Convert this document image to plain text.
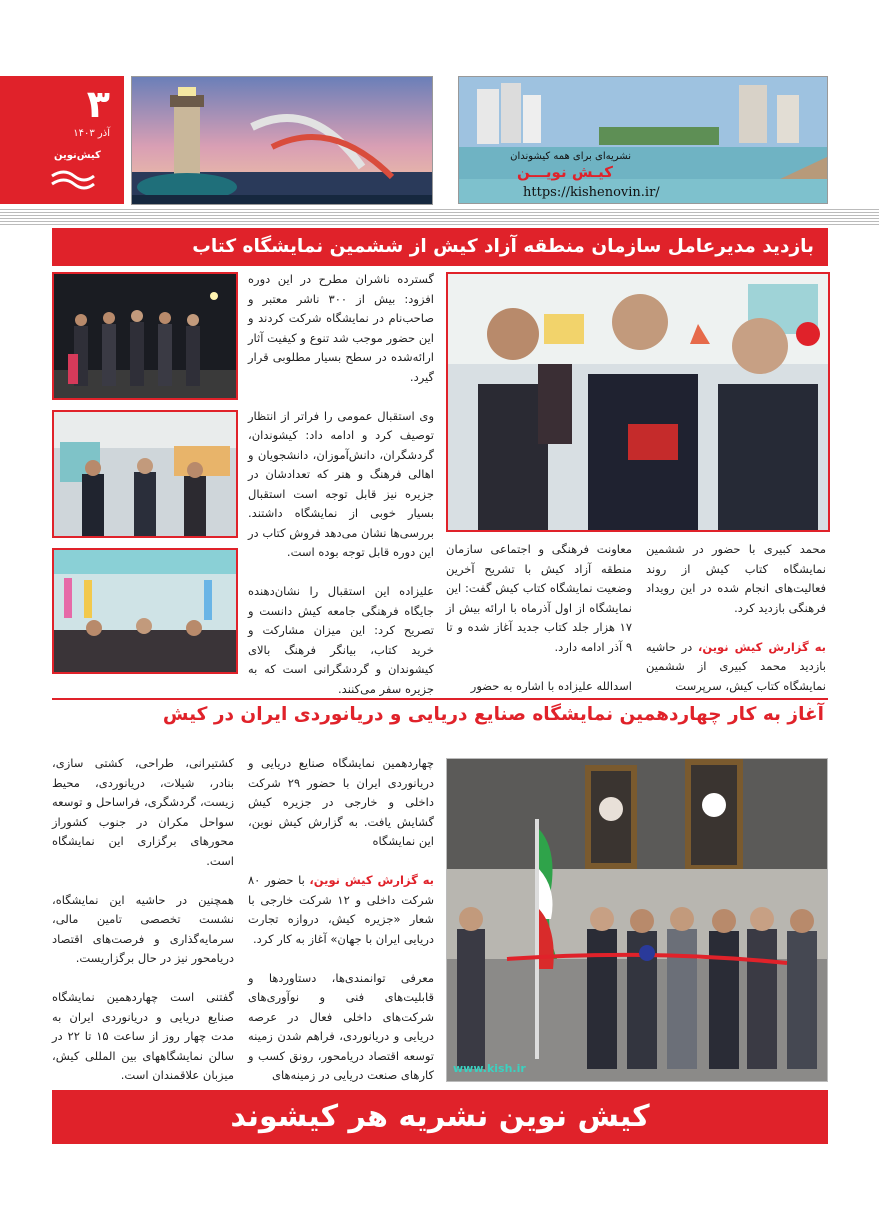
۳
آذر ۱۴۰۳
کیش‌نوین	نشریه‌ای برای همه کیشوندان
کیـش نویـــن
https://kishenovin.ir/
بازدید مدیرعامل سازمان منطقه آزاد کیش از ششمین نمایشگاه کتاب
محمد کبیری با حضور در ششمین نمایشگاه کتاب کیش از روند فعالیت‌های انجام شده در این رویداد فرهنگی بازدید کرد.

به گزارش کیش نوین، در حاشیه بازدید محمد کبیری از ششمین نمایشگاه کتاب کیش، سرپرست
معاونت فرهنگی و اجتماعی سازمان منطقه آزاد کیش با تشریح آخرین وضعیت نمایشگاه کتاب کیش گفت: این نمایشگاه از اول آذرماه با ارائه بیش از ۱۷ هزار جلد کتاب جدید آغاز شده و تا ۹ آذر ادامه دارد.

اسدالله علیزاده با اشاره به حضور
گسترده ناشران مطرح در این دوره افزود: بیش از ۳۰۰ ناشر معتبر و صاحب‌نام در نمایشگاه شرکت کردند و این حضور موجب شد تنوع و کیفیت آثار ارائه‌شده در سطح بسیار مطلوبی قرار گیرد.

وی استقبال عمومی را فراتر از انتظار توصیف کرد و ادامه داد: کیشوندان، گردشگران، دانش‌آموزان، دانشجویان و اهالی فرهنگ و هنر که تعدادشان در جزیره نیز قابل توجه است استقبال بسیار خوبی از نمایشگاه داشتند. بررسی‌ها نشان می‌دهد فروش کتاب در این دوره قابل توجه بوده است.

علیزاده این استقبال را نشان‌دهنده جایگاه فرهنگی جامعه کیش دانست و تصریح کرد: این میزان مشارکت و خرید کتاب، بیانگر فرهنگ بالای کیشوندان و گردشگرانی است که به جزیره سفر می‌کنند.
آغاز به کار چهاردهمین نمایشگاه صنایع دریایی و دریانوردی ایران در کیش
www.kish.ir
چهاردهمین نمایشگاه صنایع دریایی و دریانوردی ایران با حضور ۲۹ شرکت داخلی و خارجی در جزیره کیش گشایش یافت. به گزارش کیش نوین، این نمایشگاه

به گزارش کیش نوین، با حضور ۸۰ شرکت داخلی و ۱۲ شرکت خارجی با شعار «جزیره کیش، دروازه تجارت دریایی ایران با جهان» آغاز به کار کرد.

معرفی توانمندی‌ها، دستاوردها و قابلیت‌های فنی و نوآوری‌های شرکت‌های داخلی فعال در عرصه دریایی و دریانوردی، فراهم شدن زمینه توسعه اقتصاد دریامحور، رونق کسب و کارهای صنعت دریایی در زمینه‌های
کشتیرانی، طراحی، کشتی سازی، بنادر، شیلات، دریانوردی، محیط زیست، گردشگری، فراساحل و توسعه سواحل مکران در جنوب کشوراز محورهای برگزاری این نمایشگاه است.

همچنین در حاشیه این نمایشگاه، نشست تخصصی تامین مالی، سرمایه‌گذاری و فرصت‌های اقتصاد دریامحور نیز در حال برگزاریست.

گفتنی است چهاردهمین نمایشگاه صنایع دریایی و دریانوردی ایران به مدت چهار روز از ساعت ۱۵ تا ۲۲ در سالن نمایشگاههای بین المللی کیش، میزبان علاقمندان است.
کیش نوین نشریه هر کیشوند
